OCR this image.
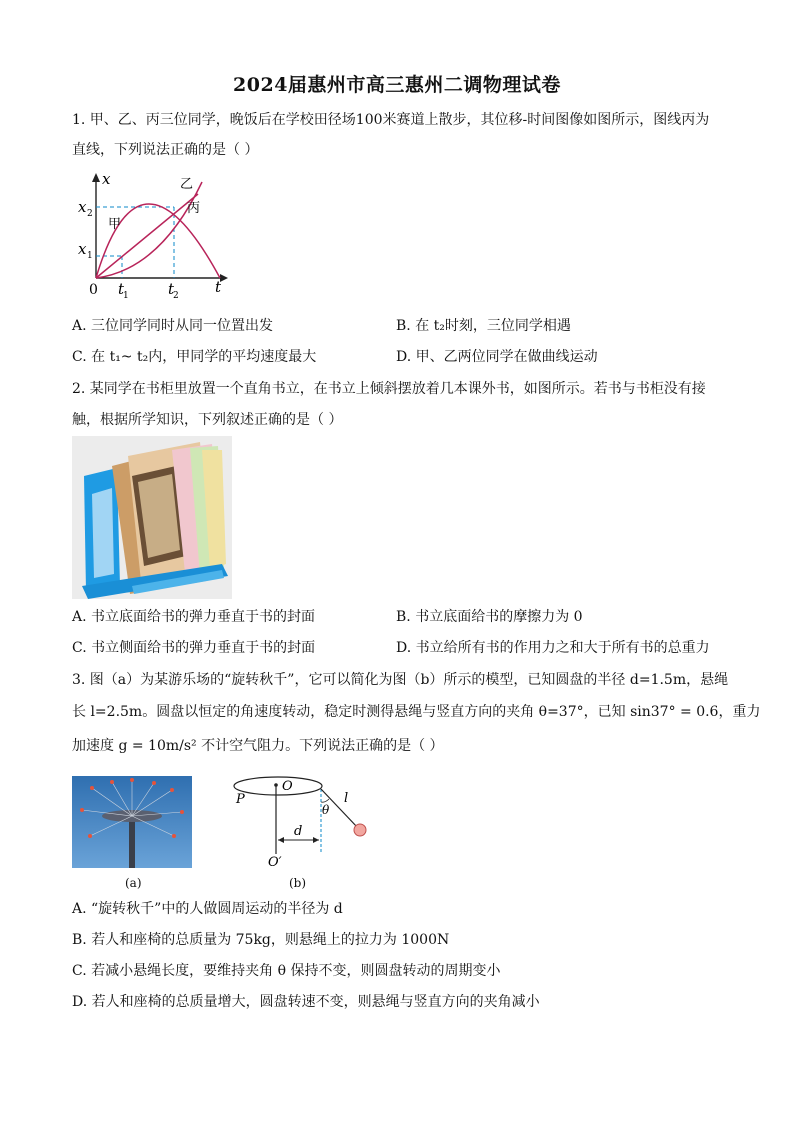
2024届惠州市高三惠州二调物理试卷
1. 甲、乙、丙三位同学，晚饭后在学校田径场100米赛道上散步，其位移-时间图像如图所示，图线丙为
直线，下列说法正确的是（ ）
x
t
0
x 2
x 1
t
1	t
2
甲
乙
丙
A. 三位同学同时从同一位置出发	B. 在 t₂时刻，三位同学相遇
C. 在 t₁~ t₂内，甲同学的平均速度最大	D. 甲、乙两位同学在做曲线运动
2. 某同学在书柜里放置一个直角书立，在书立上倾斜摆放着几本课外书，如图所示。若书与书柜没有接
触，根据所学知识，下列叙述正确的是（ ）
A. 书立底面给书的弹力垂直于书的封面	B. 书立底面给书的摩擦力为 0
C. 书立侧面给书的弹力垂直于书的封面	D. 书立给所有书的作用力之和大于所有书的总重力
3. 图（a）为某游乐场的“旋转秋千”，它可以简化为图（b）所示的模型，已知圆盘的半径 d=1.5m，悬绳
长 l=2.5m。圆盘以恒定的角速度转动，稳定时测得悬绳与竖直方向的夹角 θ=37°，已知 sin37° = 0.6，重力
加速度 g = 10m/s² 不计空气阻力。下列说法正确的是（ ）
(a)
O
P
d
l
θ
O′
(b)
A. “旋转秋千”中的人做圆周运动的半径为 d
B. 若人和座椅的总质量为 75kg，则悬绳上的拉力为 1000N
C. 若减小悬绳长度，要维持夹角 θ 保持不变，则圆盘转动的周期变小
D. 若人和座椅的总质量增大，圆盘转速不变，则悬绳与竖直方向的夹角减小
